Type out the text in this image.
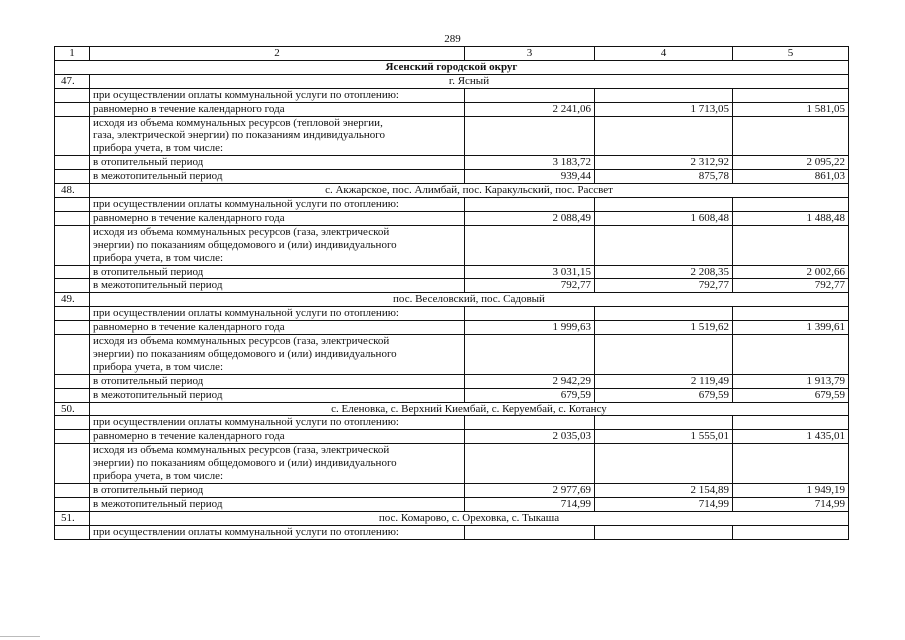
289
1	2	3	4	5
Ясенский городской округ				
47.	г. Ясный			
	при осуществлении оплаты коммунальной услуги по отоплению:			
	равномерно в течение календарного года	2 241,06	1 713,05	1 581,05

	исходя из объема коммунальных ресурсов (тепловой энергии,
газа, электрической энергии) по показаниям индивидуального
прибора учета, в том числе:			

	в отопительный период	3 183,72	2 312,92	2 095,22
	в межотопительный период	939,44	875,78	861,03
48.	с. Акжарское, пос. Алимбай, пос. Каракульский, пос. Рассвет			
	при осуществлении оплаты коммунальной услуги по отоплению:			
	равномерно в течение календарного года	2 088,49	1 608,48	1 488,48

	исходя из объема коммунальных ресурсов (газа, электрической
энергии) по показаниям общедомового и (или) индивидуального
прибора учета, в том числе:			

	в отопительный период	3 031,15	2 208,35	2 002,66
	в межотопительный период	792,77	792,77	792,77
49.	пос. Веселовский, пос. Садовый			
	при осуществлении оплаты коммунальной услуги по отоплению:			
	равномерно в течение календарного года	1 999,63	1 519,62	1 399,61

	исходя из объема коммунальных ресурсов (газа, электрической
энергии) по показаниям общедомового и (или) индивидуального
прибора учета, в том числе:			

	в отопительный период	2 942,29	2 119,49	1 913,79
	в межотопительный период	679,59	679,59	679,59
50.	с. Еленовка, с. Верхний Киембай, с. Керуембай, с. Котансу			
	при осуществлении оплаты коммунальной услуги по отоплению:			
	равномерно в течение календарного года	2 035,03	1 555,01	1 435,01

	исходя из объема коммунальных ресурсов (газа, электрической
энергии) по показаниям общедомового и (или) индивидуального
прибора учета, в том числе:			

	в отопительный период	2 977,69	2 154,89	1 949,19
	в межотопительный период	714,99	714,99	714,99
51.	пос. Комарово, с. Ореховка, с. Тыкаша			
	при осуществлении оплаты коммунальной услуги по отоплению:			
